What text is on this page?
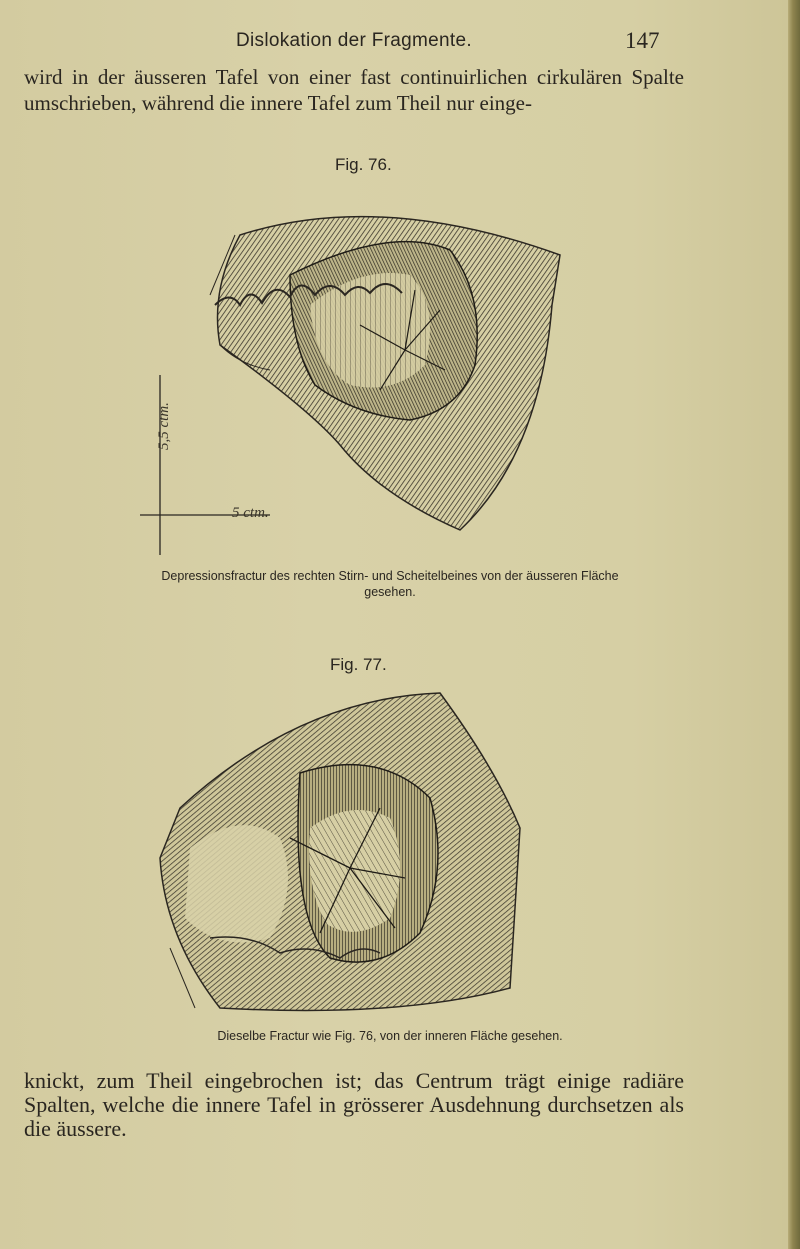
Dislokation der Fragmente.	147

wird in der äusseren Tafel von einer fast continuirlichen cirkulären Spalte umschrieben, während die innere Tafel zum Theil nur einge-

Fig. 76.
5,5 ctm.
5 ctm.
Depressionsfractur des rechten Stirn- und Scheitelbeines von der äusseren Fläche gesehen.
Fig. 77.
Dieselbe Fractur wie Fig. 76, von der inneren Fläche gesehen.

knickt, zum Theil eingebrochen ist; das Centrum trägt einige radiäre Spalten, welche die innere Tafel in grösserer Ausdehnung durchsetzen als die äussere.
